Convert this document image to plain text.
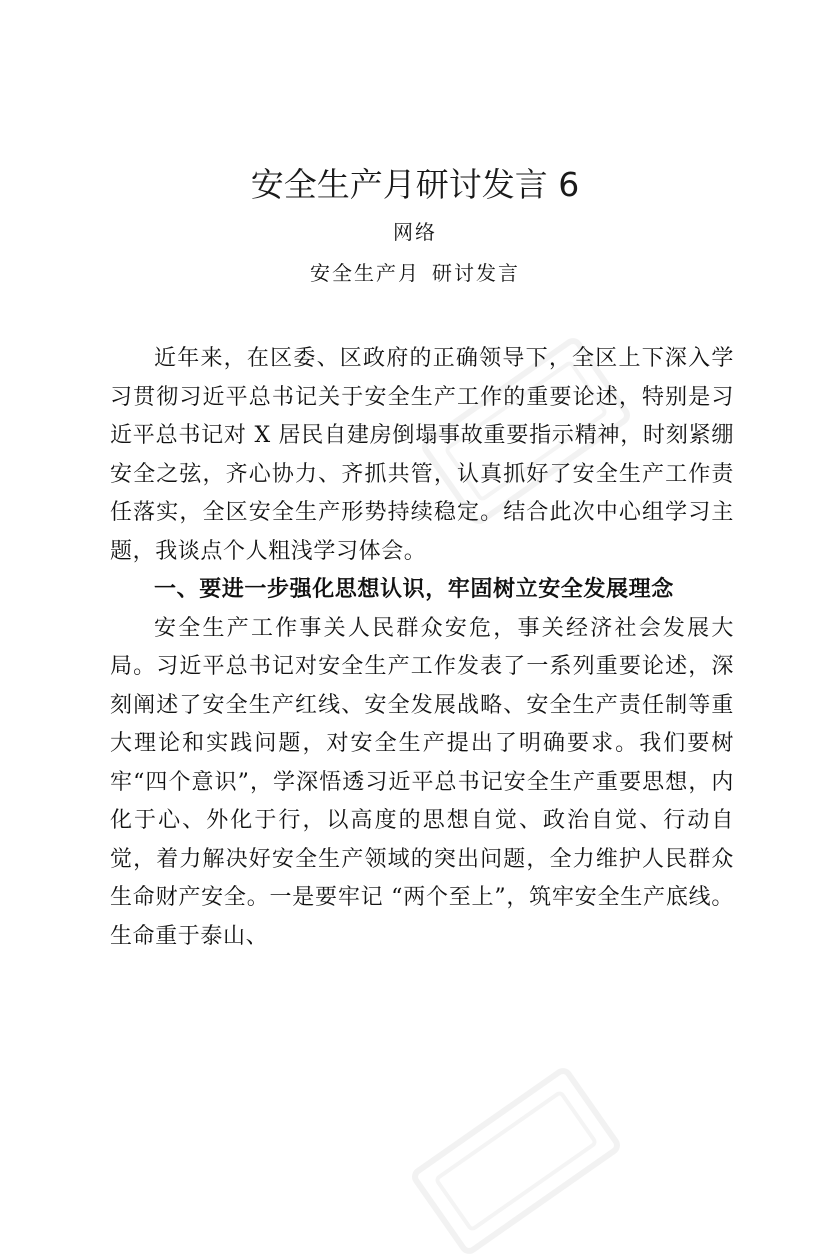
安全生产月研讨发言 6
网络
安全生产月 研讨发言

近年来，在区委、区政府的正确领导下，全区上下深入学习贯彻习近平总书记关于安全生产工作的重要论述，特别是习近平总书记对 X 居民自建房倒塌事故重要指示精神，时刻紧绷安全之弦，齐心协力、齐抓共管，认真抓好了安全生产工作责任落实，全区安全生产形势持续稳定。结合此次中心组学习主题，我谈点个人粗浅学习体会。

一、要进一步强化思想认识，牢固树立安全发展理念

安全生产工作事关人民群众安危，事关经济社会发展大局。习近平总书记对安全生产工作发表了一系列重要论述，深刻阐述了安全生产红线、安全发展战略、安全生产责任制等重大理论和实践问题，对安全生产提出了明确要求。我们要树牢“四个意识”，学深悟透习近平总书记安全生产重要思想，内化于心、外化于行，以高度的思想自觉、政治自觉、行动自觉，着力解决好安全生产领域的突出问题，全力维护人民群众生命财产安全。一是要牢记 “两个至上”，筑牢安全生产底线。生命重于泰山、
